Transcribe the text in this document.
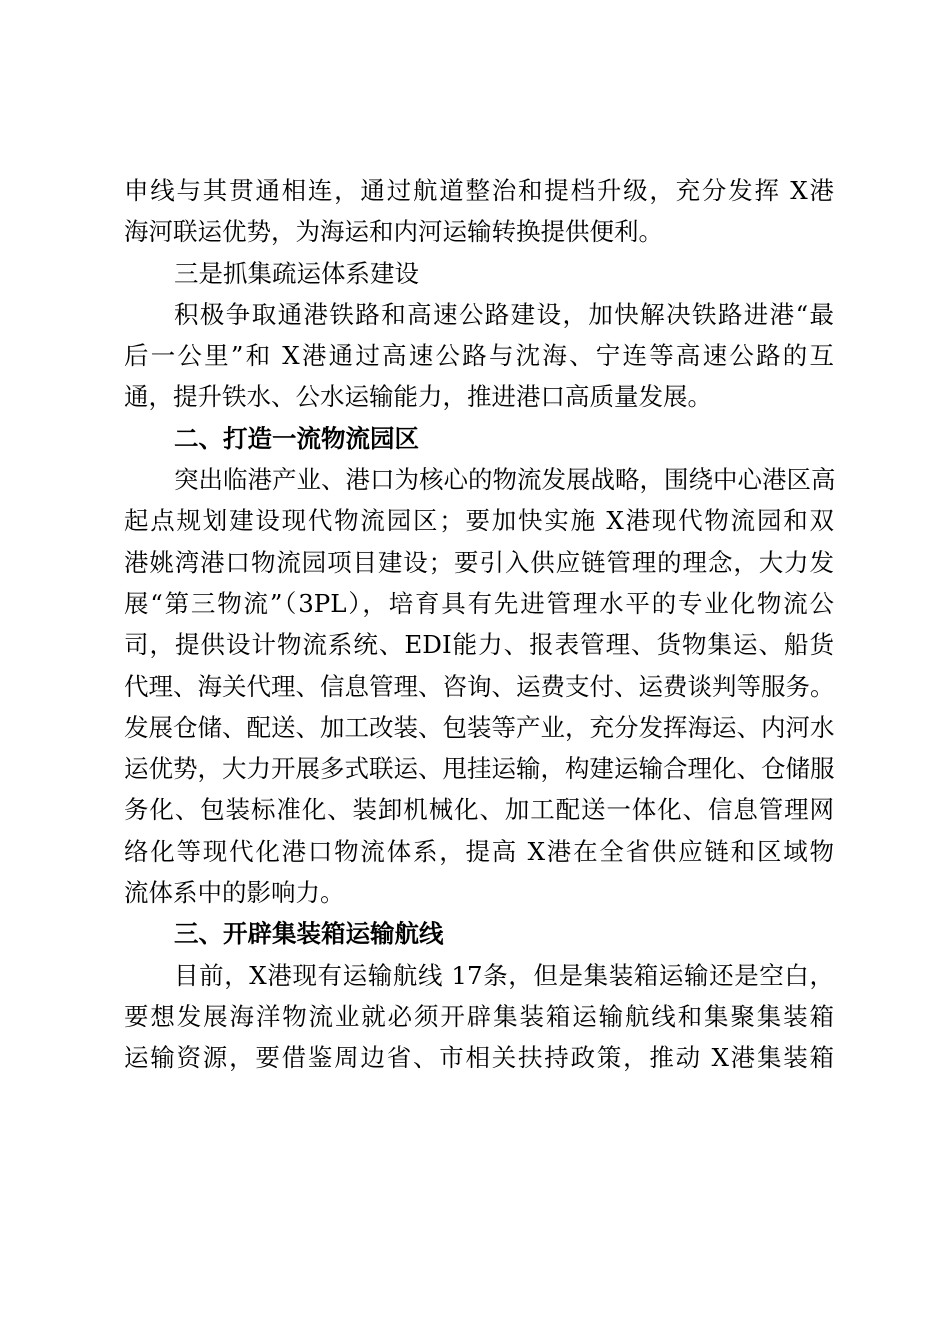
申线与其贯通相连，通过航道整治和提档升级，充分发挥 X港
海河联运优势，为海运和内河运输转换提供便利。
三是抓集疏运体系建设
积极争取通港铁路和高速公路建设，加快解决铁路进港“最
后一公里”和 X港通过高速公路与沈海、宁连等高速公路的互
通，提升铁水、公水运输能力，推进港口高质量发展。
二、打造一流物流园区
突出临港产业、港口为核心的物流发展战略，围绕中心港区高
起点规划建设现代物流园区；要加快实施 X港现代物流园和双
港姚湾港口物流园项目建设；要引入供应链管理的理念，大力发
展“第三物流”（3PL），培育具有先进管理水平的专业化物流公
司，提供设计物流系统、EDI能力、报表管理、货物集运、船货
代理、海关代理、信息管理、咨询、运费支付、运费谈判等服务。
发展仓储、配送、加工改装、包装等产业，充分发挥海运、内河水
运优势，大力开展多式联运、甩挂运输，构建运输合理化、仓储服
务化、包装标准化、装卸机械化、加工配送一体化、信息管理网
络化等现代化港口物流体系，提高 X港在全省供应链和区域物
流体系中的影响力。
三、开辟集装箱运输航线
目前，X港现有运输航线 17条，但是集装箱运输还是空白，
要想发展海洋物流业就必须开辟集装箱运输航线和集聚集装箱
运输资源，要借鉴周边省、市相关扶持政策，推动 X港集装箱
